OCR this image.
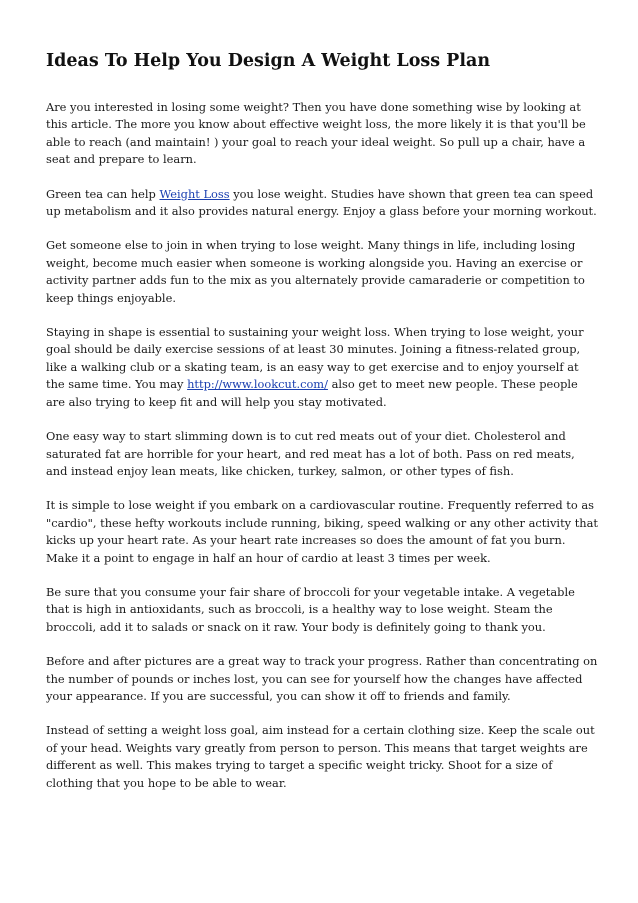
Ideas To Help You Design A Weight Loss Plan

Are you interested in losing some weight? Then you have done something wise by looking at this article. The more you know about effective weight loss, the more likely it is that you'll be able to reach (and maintain! ) your goal to reach your ideal weight. So pull up a chair, have a seat and prepare to learn.

Green tea can help Weight Loss you lose weight. Studies have shown that green tea can speed up metabolism and it also provides natural energy. Enjoy a glass before your morning workout.

Get someone else to join in when trying to lose weight. Many things in life, including losing weight, become much easier when someone is working alongside you. Having an exercise or activity partner adds fun to the mix as you alternately provide camaraderie or competition to keep things enjoyable.

Staying in shape is essential to sustaining your weight loss. When trying to lose weight, your goal should be daily exercise sessions of at least 30 minutes. Joining a fitness-related group, like a walking club or a skating team, is an easy way to get exercise and to enjoy yourself at the same time. You may http://www.lookcut.com/ also get to meet new people. These people are also trying to keep fit and will help you stay motivated.

One easy way to start slimming down is to cut red meats out of your diet. Cholesterol and saturated fat are horrible for your heart, and red meat has a lot of both. Pass on red meats, and instead enjoy lean meats, like chicken, turkey, salmon, or other types of fish.

It is simple to lose weight if you embark on a cardiovascular routine. Frequently referred to as "cardio", these hefty workouts include running, biking, speed walking or any other activity that kicks up your heart rate. As your heart rate increases so does the amount of fat you burn. Make it a point to engage in half an hour of cardio at least 3 times per week.

Be sure that you consume your fair share of broccoli for your vegetable intake. A vegetable that is high in antioxidants, such as broccoli, is a healthy way to lose weight. Steam the broccoli, add it to salads or snack on it raw. Your body is definitely going to thank you.

Before and after pictures are a great way to track your progress. Rather than concentrating on the number of pounds or inches lost, you can see for yourself how the changes have affected your appearance. If you are successful, you can show it off to friends and family.

Instead of setting a weight loss goal, aim instead for a certain clothing size. Keep the scale out of your head. Weights vary greatly from person to person. This means that target weights are different as well. This makes trying to target a specific weight tricky. Shoot for a size of clothing that you hope to be able to wear.
